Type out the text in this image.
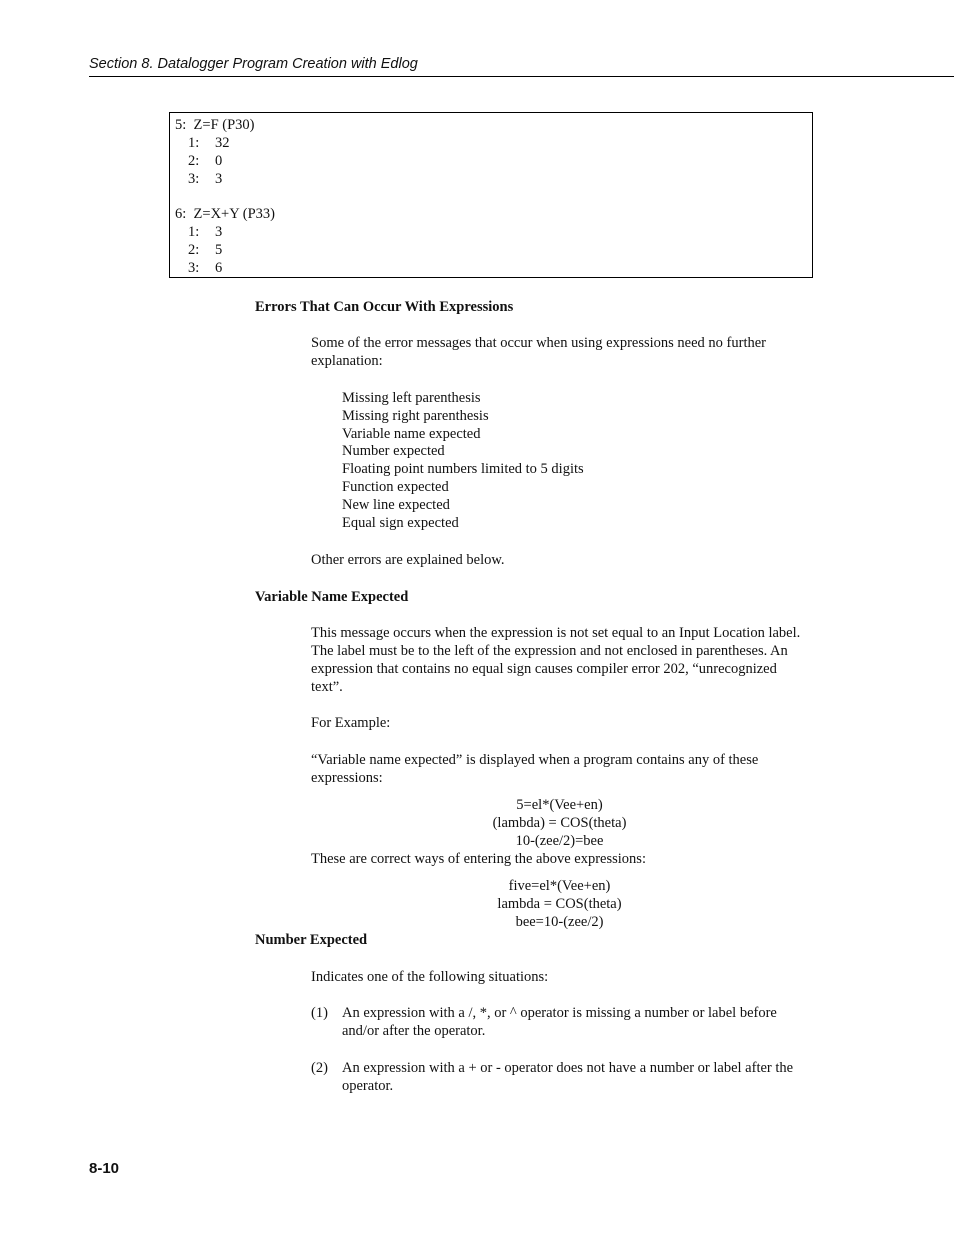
Section 8. Datalogger Program Creation with Edlog
5:  Z=F (P30)
1: 32
2: 0
3: 3
6:  Z=X+Y (P33)
1: 3
2: 5
3: 6
Errors That Can Occur With Expressions
Some of the error messages that occur when using expressions need no further explanation:
Missing left parenthesis
Missing right parenthesis
Variable name expected
Number expected
Floating point numbers limited to 5 digits
Function expected
New line expected
Equal sign expected
Other errors are explained below.
Variable Name Expected
This message occurs when the expression is not set equal to an Input Location label. The label must be to the left of the expression and not enclosed in parentheses. An expression that contains no equal sign causes compiler error 202, “unrecognized text”.
For Example:
“Variable name expected” is displayed when a program contains any of these expressions:
5=el*(Vee+en)
(lambda) = COS(theta)
10-(zee/2)=bee
These are correct ways of entering the above expressions:
five=el*(Vee+en)
lambda = COS(theta)
bee=10-(zee/2)
Number Expected
Indicates one of the following situations:
(1) An expression with a /, *, or ^ operator is missing a number or label before and/or after the operator.
(2) An expression with a + or - operator does not have a number or label after the operator.
8-10
